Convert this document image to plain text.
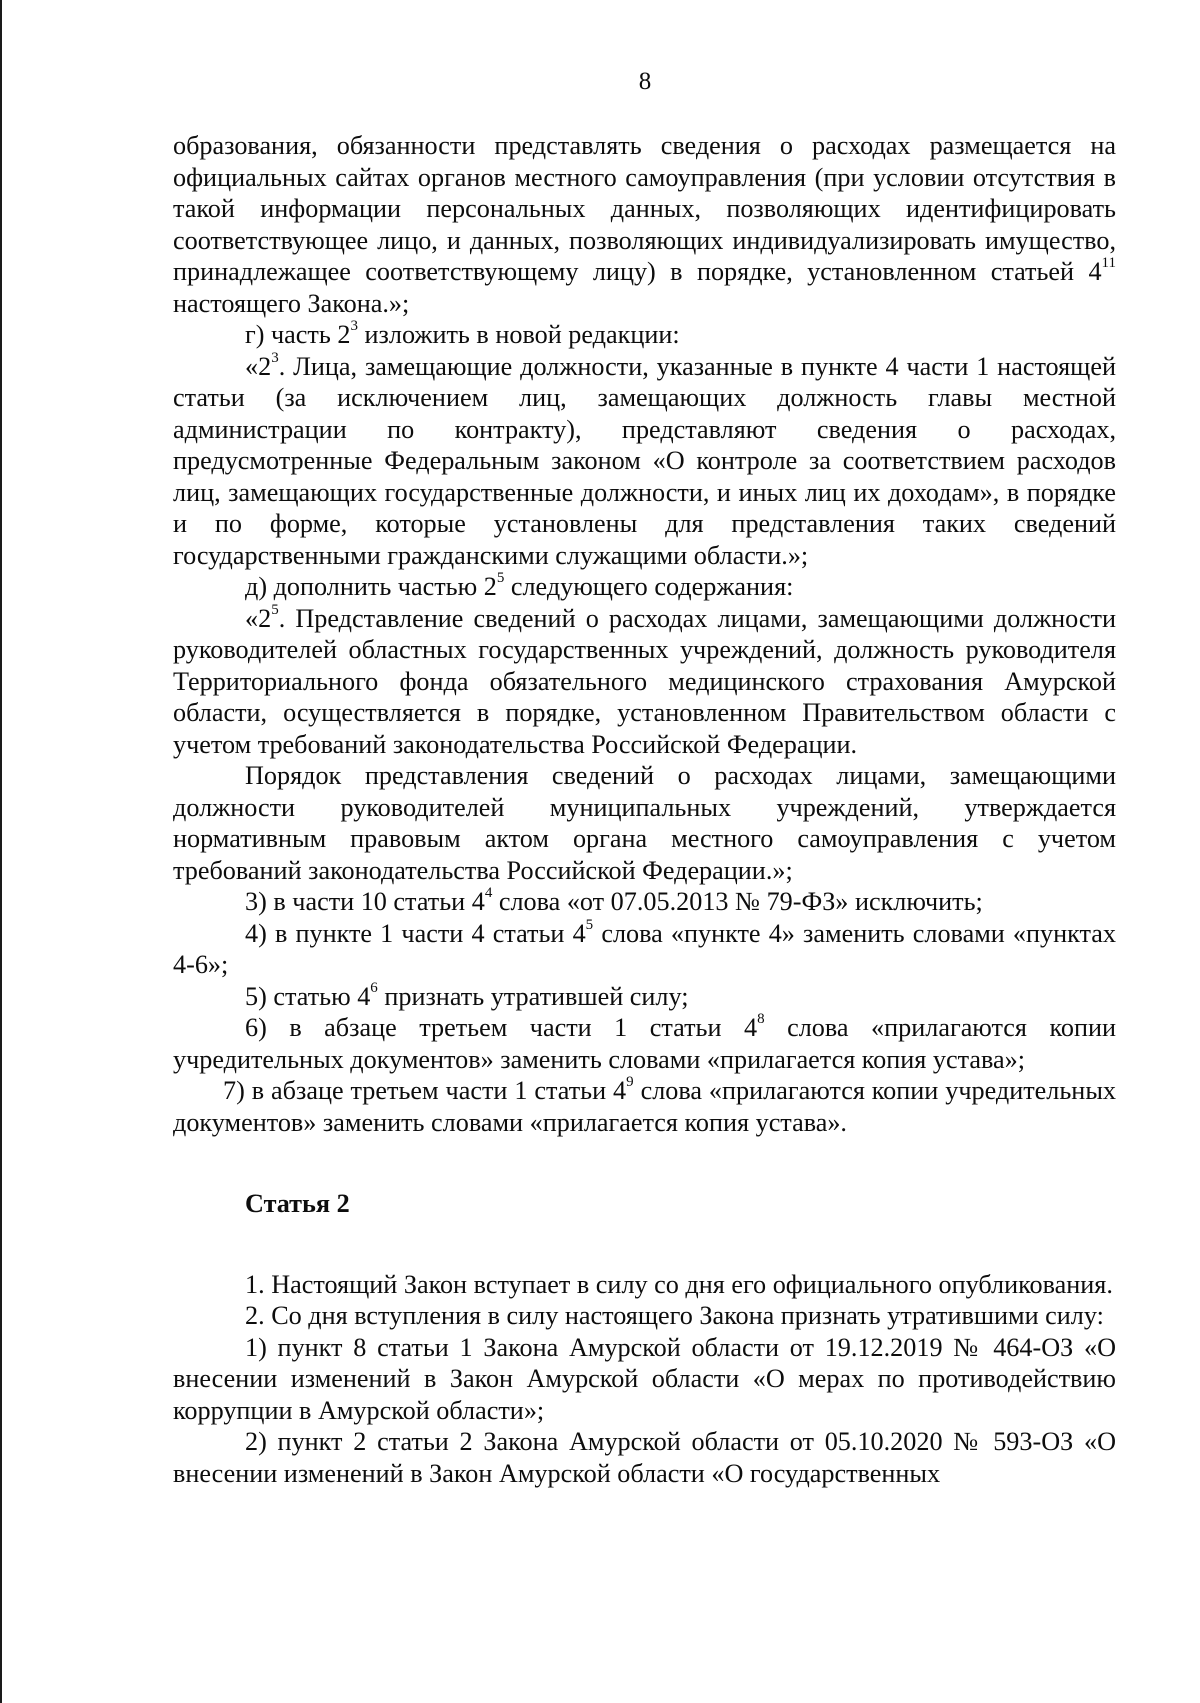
8

образования, обязанности представлять сведения о расходах размещается на официальных сайтах органов местного самоуправления (при условии отсутствия в такой информации персональных данных, позволяющих идентифицировать соответствующее лицо, и данных, позволяющих индивидуализировать имущество, принадлежащее соответствующему лицу) в порядке, установленном статьей $4^{11}$ настоящего Закона.»;

г) часть $2^3$ изложить в новой редакции:

«$2^3$. Лица, замещающие должности, указанные в пункте 4 части 1 настоящей статьи (за исключением лиц, замещающих должность главы местной администрации по контракту), представляют сведения о расходах, предусмотренные Федеральным законом «О контроле за соответствием расходов лиц, замещающих государственные должности, и иных лиц их доходам», в порядке и по форме, которые установлены для представления таких сведений государственными гражданскими служащими области.»;

д) дополнить частью $2^5$ следующего содержания:

«$2^5$. Представление сведений о расходах лицами, замещающими должности руководителей областных государственных учреждений, должность руководителя Территориального фонда обязательного медицинского страхования Амурской области, осуществляется в порядке, установленном Правительством области с учетом требований законодательства Российской Федерации.

Порядок представления сведений о расходах лицами, замещающими должности руководителей муниципальных учреждений, утверждается нормативным правовым актом органа местного самоуправления с учетом требований законодательства Российской Федерации.»;

3) в части 10 статьи $4^4$ слова «от 07.05.2013 № 79-ФЗ» исключить;

4) в пункте 1 части 4 статьи $4^5$ слова «пункте 4» заменить словами «пунктах 4-6»;

5) статью $4^6$ признать утратившей силу;

6) в абзаце третьем части 1 статьи $4^8$ слова «прилагаются копии учредительных документов» заменить словами «прилагается копия устава»;

7) в абзаце третьем части 1 статьи $4^9$ слова «прилагаются копии учредительных документов» заменить словами «прилагается копия устава».

Статья 2

1. Настоящий Закон вступает в силу со дня его официального опубликования.

2. Со дня вступления в силу настоящего Закона признать утратившими силу:

1) пункт 8 статьи 1 Закона Амурской области от 19.12.2019 № 464-ОЗ «О внесении изменений в Закон Амурской области «О мерах по противодействию коррупции в Амурской области»;

2) пункт 2 статьи 2 Закона Амурской области от 05.10.2020 № 593-ОЗ «О внесении изменений в Закон Амурской области «О государственных
